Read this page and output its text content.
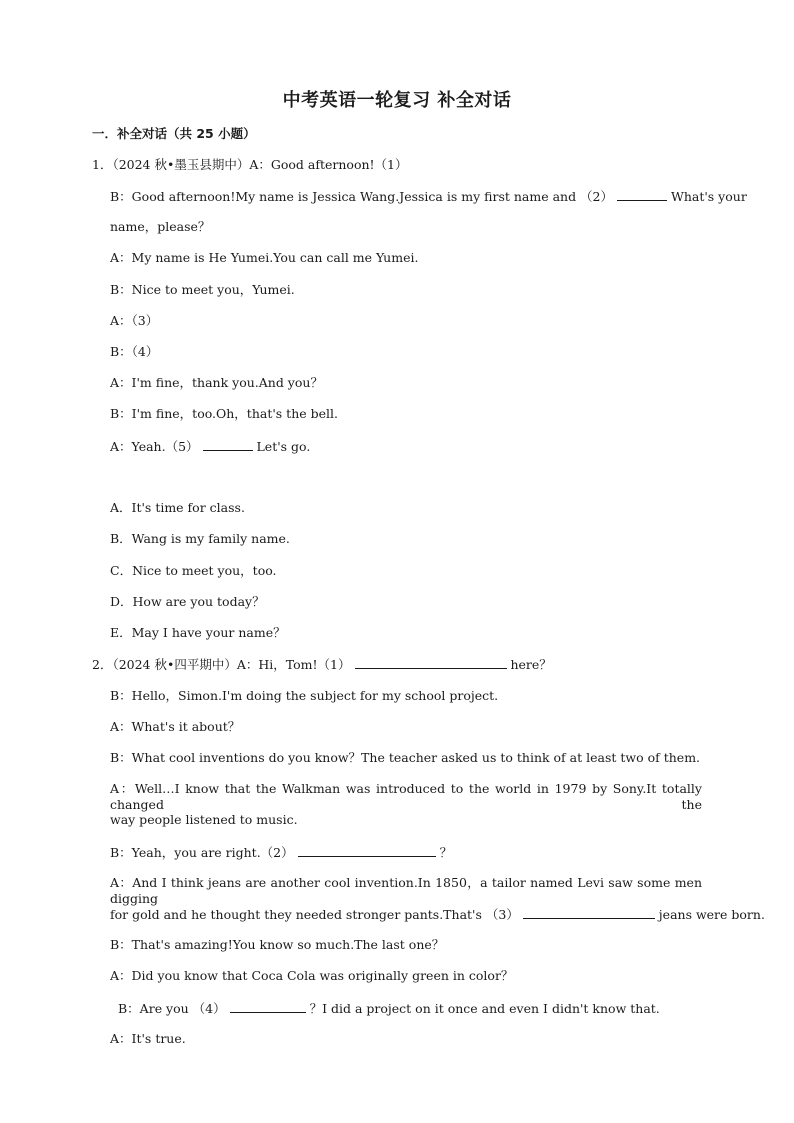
中考英语一轮复习 补全对话
一．补全对话（共 25 小题）
1．（2024 秋•墨玉县期中）A：Good afternoon!（1）
B：Good afternoon!My name is Jessica Wang.Jessica is my first name and （2）	What's your
name，please？
A：My name is He Yumei.You can call me Yumei.
B：Nice to meet you，Yumei.
A：（3）
B：（4）
A：I'm fine，thank you.And you？
B：I'm fine，too.Oh，that's the bell.
A：Yeah.（5）	Let's go.
A．It's time for class.
B．Wang is my family name.
C．Nice to meet you，too.
D．How are you today？
E．May I have your name？
2．（2024 秋•四平期中）A：Hi，Tom!（1）	here？
B：Hello，Simon.I'm doing the subject for my school project.
A：What's it about？
B：What cool inventions do you know？The teacher asked us to think of at least two of them.
A：Well…I know that the Walkman was introduced to the world in 1979 by Sony.It totally changed the
way people listened to music.
B：Yeah，you are right.（2）	？
A：And I think jeans are another cool invention.In 1850，a tailor named Levi saw some men digging
for gold and he thought they needed stronger pants.That's （3）	jeans were born.
B：That's amazing!You know so much.The last one？
A：Did you know that Coca Cola was originally green in color？
B：Are you （4）	？I did a project on it once and even I didn't know that.
A：It's true.
